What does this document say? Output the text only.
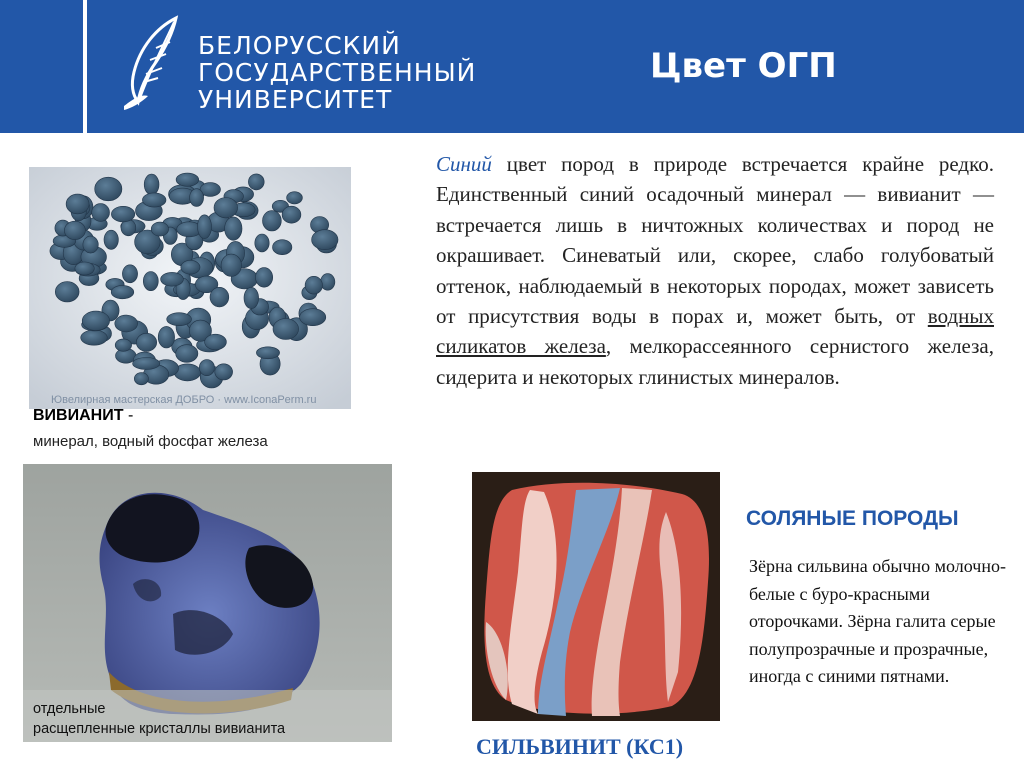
БЕЛОРУССКИЙ
ГОСУДАРСТВЕННЫЙ
УНИВЕРСИТЕТ
Цвет ОГП
Ювелирная мастерская ДОБРО · www.IconaPerm.ru
ВИВИАНИТ -
минерал, водный фосфат железа
отдельные
расщепленные кристаллы вивианита
Синий цвет пород в природе встречается крайне редко. Единственный синий осадочный минерал — вивианит — встречается лишь в ничтожных количествах и пород не окрашивает. Синеватый или, скорее, слабо голубоватый оттенок, наблюдаемый в некоторых породах, может зависеть от присутствия воды в порах и, может быть, от водных силикатов железа, мелкорассеянного сернистого железа, сидерита и некоторых глинистых минералов.
СОЛЯНЫЕ ПОРОДЫ
Зёрна сильвина обычно молочно-белые с буро-красными оторочками. Зёрна галита серые полупрозрачные и прозрачные, иногда с синими пятнами.
СИЛЬВИНИТ (КС1)
